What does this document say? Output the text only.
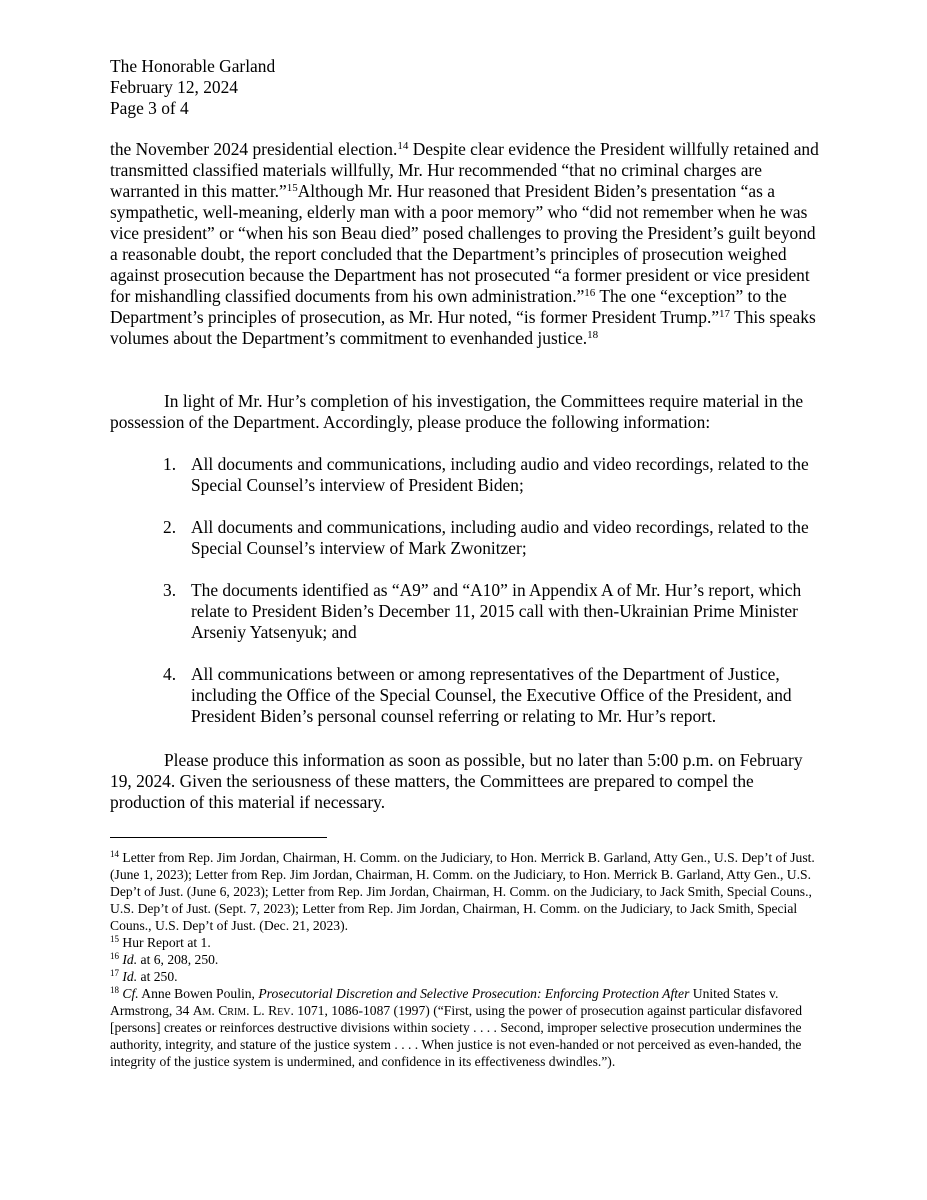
The Honorable Garland
February 12, 2024
Page 3 of 4
the November 2024 presidential election.$^{14}$ Despite clear evidence the President willfully retained and transmitted classified materials willfully, Mr. Hur recommended “that no criminal charges are warranted in this matter.”$^{15}$Although Mr. Hur reasoned that President Biden’s presentation “as a sympathetic, well-meaning, elderly man with a poor memory” who “did not remember when he was vice president” or “when his son Beau died” posed challenges to proving the President’s guilt beyond a reasonable doubt, the report concluded that the Department’s principles of prosecution weighed against prosecution because the Department has not prosecuted “a former president or vice president for mishandling classified documents from his own administration.”$^{16}$ The one “exception” to the Department’s principles of prosecution, as Mr. Hur noted, “is former President Trump.”$^{17}$ This speaks volumes about the Department’s commitment to evenhanded justice.$^{18}$
In light of Mr. Hur’s completion of his investigation, the Committees require material in the possession of the Department. Accordingly, please produce the following information:
1. All documents and communications, including audio and video recordings, related to the Special Counsel’s interview of President Biden;
2. All documents and communications, including audio and video recordings, related to the Special Counsel’s interview of Mark Zwonitzer;
3. The documents identified as “A9” and “A10” in Appendix A of Mr. Hur’s report, which relate to President Biden’s December 11, 2015 call with then-Ukrainian Prime Minister Arseniy Yatsenyuk; and
4. All communications between or among representatives of the Department of Justice, including the Office of the Special Counsel, the Executive Office of the President, and President Biden’s personal counsel referring or relating to Mr. Hur’s report.
Please produce this information as soon as possible, but no later than 5:00 p.m. on February 19, 2024. Given the seriousness of these matters, the Committees are prepared to compel the production of this material if necessary.
$^{14}$ Letter from Rep. Jim Jordan, Chairman, H. Comm. on the Judiciary, to Hon. Merrick B. Garland, Atty Gen., U.S. Dep’t of Just. (June 1, 2023); Letter from Rep. Jim Jordan, Chairman, H. Comm. on the Judiciary, to Hon. Merrick B. Garland, Atty Gen., U.S. Dep’t of Just. (June 6, 2023); Letter from Rep. Jim Jordan, Chairman, H. Comm. on the Judiciary, to Jack Smith, Special Couns., U.S. Dep’t of Just. (Sept. 7, 2023); Letter from Rep. Jim Jordan, Chairman, H. Comm. on the Judiciary, to Jack Smith, Special Couns., U.S. Dep’t of Just. (Dec. 21, 2023).
$^{15}$ Hur Report at 1.
$^{16}$ Id. at 6, 208, 250.
$^{17}$ Id. at 250.
$^{18}$ Cf. Anne Bowen Poulin, Prosecutorial Discretion and Selective Prosecution: Enforcing Protection After United States v. Armstrong, 34 Am. Crim. L. Rev. 1071, 1086-1087 (1997) (“First, using the power of prosecution against particular disfavored [persons] creates or reinforces destructive divisions within society . . . . Second, improper selective prosecution undermines the authority, integrity, and stature of the justice system . . . . When justice is not even-handed or not perceived as even-handed, the integrity of the justice system is undermined, and confidence in its effectiveness dwindles.”).
